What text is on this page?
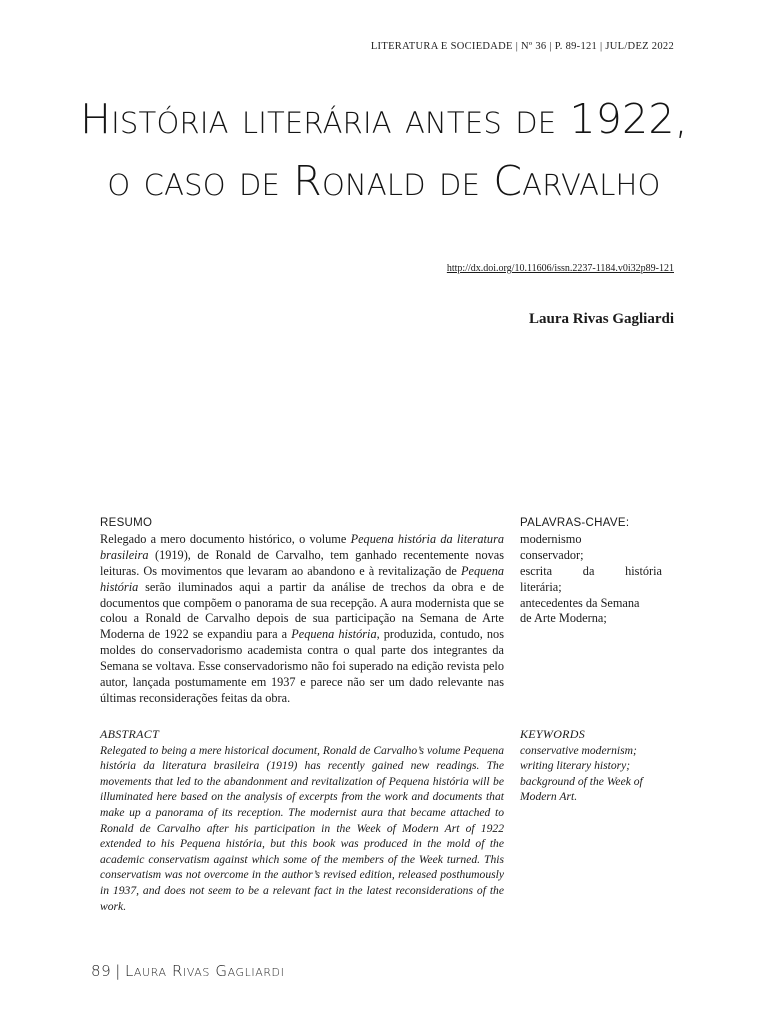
LITERATURA E SOCIEDADE | Nº 36 | P. 89-121 | JUL/DEZ 2022
História literária antes de 1922,
o caso de Ronald de Carvalho
http://dx.doi.org/10.11606/issn.2237-1184.v0i32p89-121
Laura Rivas Gagliardi
RESUMO
Relegado a mero documento histórico, o volume Pequena história da literatura brasileira (1919), de Ronald de Carvalho, tem ganhado recentemente novas leituras. Os movimentos que levaram ao abandono e à revitalização de Pequena história serão iluminados aqui a partir da análise de trechos da obra e de documentos que compõem o panorama de sua recepção. A aura modernista que se colou a Ronald de Carvalho depois de sua participação na Semana de Arte Moderna de 1922 se expandiu para a Pequena história, produzida, contudo, nos moldes do conservadorismo academista contra o qual parte dos integrantes da Semana se voltava. Esse conservadorismo não foi superado na edição revista pelo autor, lançada postumamente em 1937 e parece não ser um dado relevante nas últimas reconsiderações feitas da obra.
PALAVRAS-CHAVE:
modernismo
conservador;
escrita da história
literária;
antecedentes da Semana
de Arte Moderna;
ABSTRACT
Relegated to being a mere historical document, Ronald de Carvalho’s volume Pequena história da literatura brasileira (1919) has recently gained new readings. The movements that led to the abandonment and revitalization of Pequena história will be illuminated here based on the analysis of excerpts from the work and documents that make up a panorama of its reception. The modernist aura that became attached to Ronald de Carvalho after his participation in the Week of Modern Art of 1922 extended to his Pequena história, but this book was produced in the mold of the academic conservatism against which some of the members of the Week turned. This conservatism was not overcome in the author’s revised edition, released posthumously in 1937, and does not seem to be a relevant fact in the latest reconsiderations of the work.
KEYWORDS
conservative modernism;
writing literary history;
background of the Week of
Modern Art.
89 | Laura Rivas Gagliardi
